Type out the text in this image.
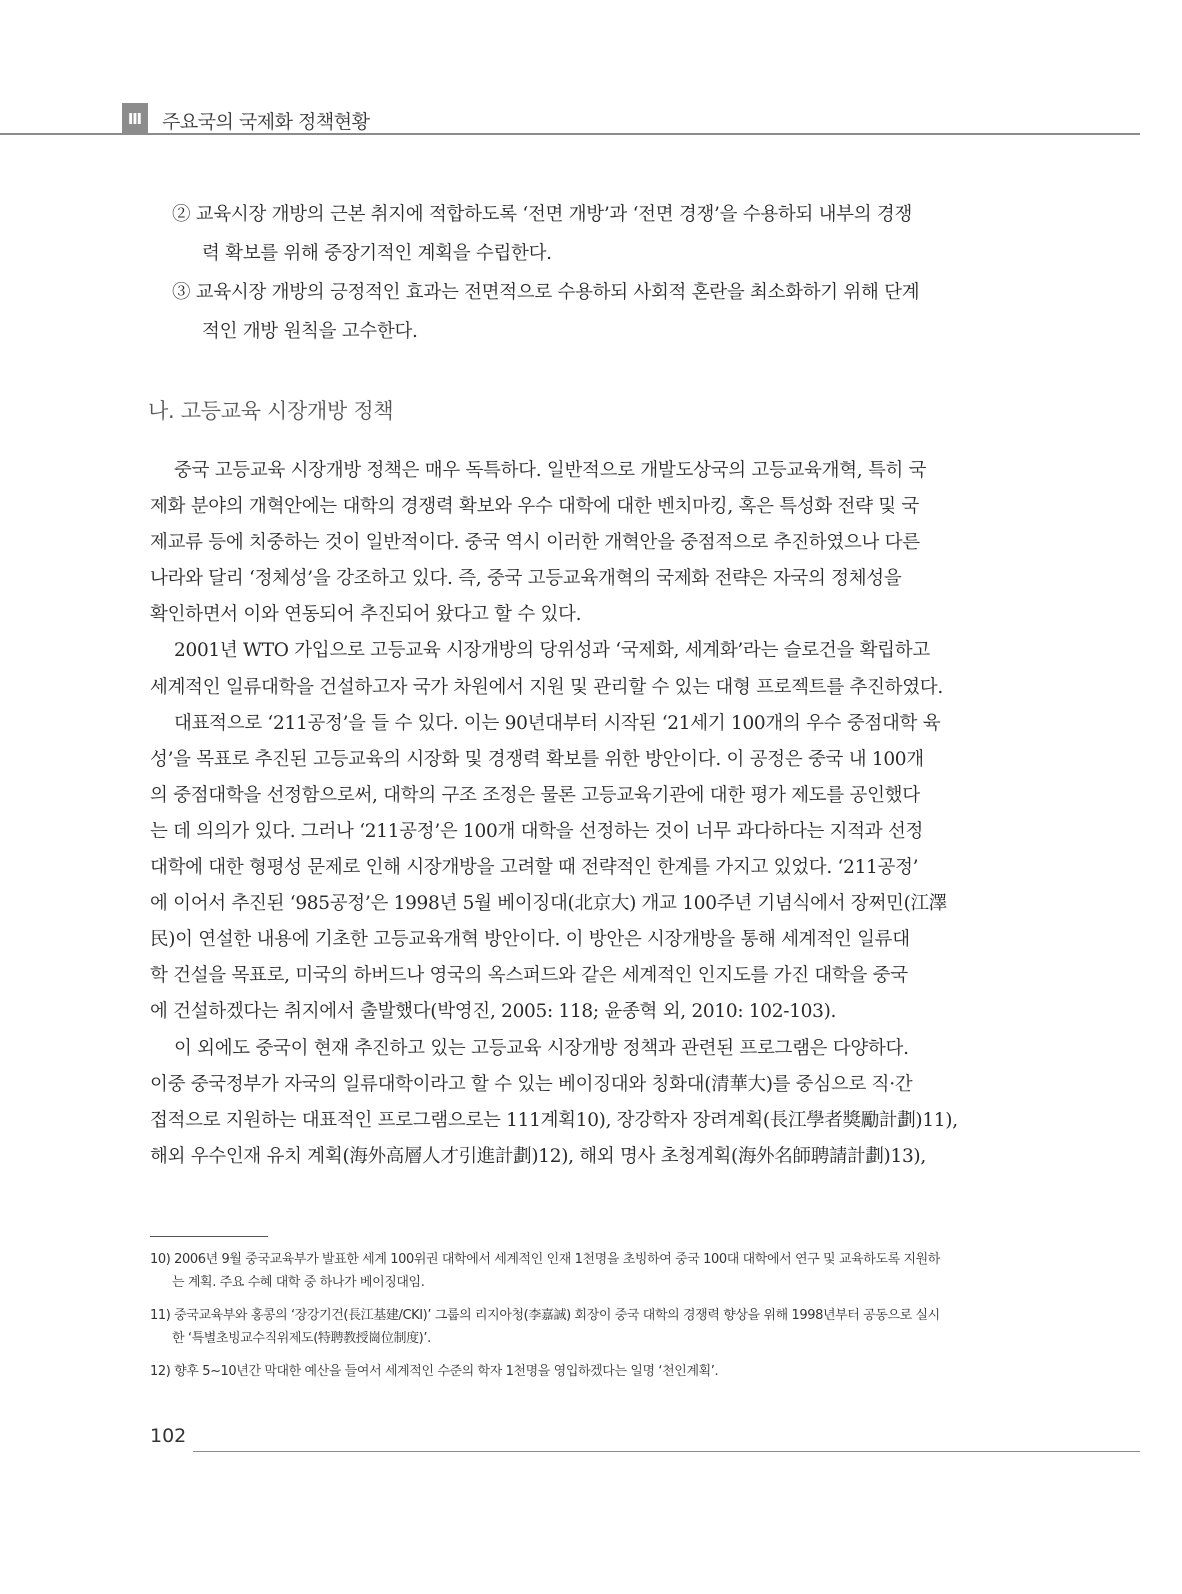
Ⅲ	주요국의 국제화 정책현황
② 교육시장 개방의 근본 취지에 적합하도록 ‘전면 개방’과 ‘전면 경쟁’을 수용하되 내부의 경쟁
력 확보를 위해 중장기적인 계획을 수립한다.
③ 교육시장 개방의 긍정적인 효과는 전면적으로 수용하되 사회적 혼란을 최소화하기 위해 단계
적인 개방 원칙을 고수한다.
나. 고등교육 시장개방 정책
중국 고등교육 시장개방 정책은 매우 독특하다. 일반적으로 개발도상국의 고등교육개혁, 특히 국
제화 분야의 개혁안에는 대학의 경쟁력 확보와 우수 대학에 대한 벤치마킹, 혹은 특성화 전략 및 국
제교류 등에 치중하는 것이 일반적이다. 중국 역시 이러한 개혁안을 중점적으로 추진하였으나 다른
나라와 달리 ‘정체성’을 강조하고 있다. 즉, 중국 고등교육개혁의 국제화 전략은 자국의 정체성을
확인하면서 이와 연동되어 추진되어 왔다고 할 수 있다.
2001년 WTO 가입으로 고등교육 시장개방의 당위성과 ‘국제화, 세계화’라는 슬로건을 확립하고
세계적인 일류대학을 건설하고자 국가 차원에서 지원 및 관리할 수 있는 대형 프로젝트를 추진하였다.
대표적으로 ‘211공정’을 들 수 있다. 이는 90년대부터 시작된 ‘21세기 100개의 우수 중점대학 육
성’을 목표로 추진된 고등교육의 시장화 및 경쟁력 확보를 위한 방안이다. 이 공정은 중국 내 100개
의 중점대학을 선정함으로써, 대학의 구조 조정은 물론 고등교육기관에 대한 평가 제도를 공인했다
는 데 의의가 있다. 그러나 ‘211공정’은 100개 대학을 선정하는 것이 너무 과다하다는 지적과 선정
대학에 대한 형평성 문제로 인해 시장개방을 고려할 때 전략적인 한계를 가지고 있었다. ‘211공정’
에 이어서 추진된 ‘985공정’은 1998년 5월 베이징대(北京大) 개교 100주년 기념식에서 장쩌민(江澤
民)이 연설한 내용에 기초한 고등교육개혁 방안이다. 이 방안은 시장개방을 통해 세계적인 일류대
학 건설을 목표로, 미국의 하버드나 영국의 옥스퍼드와 같은 세계적인 인지도를 가진 대학을 중국
에 건설하겠다는 취지에서 출발했다(박영진, 2005: 118; 윤종혁 외, 2010: 102-103).
이 외에도 중국이 현재 추진하고 있는 고등교육 시장개방 정책과 관련된 프로그램은 다양하다.
이중 중국정부가 자국의 일류대학이라고 할 수 있는 베이징대와 칭화대(清華大)를 중심으로 직·간
접적으로 지원하는 대표적인 프로그램으로는 111계획10), 장강학자 장려계획(長江學者獎勵計劃)11),
해외 우수인재 유치 계획(海外高層人才引進計劃)12), 해외 명사 초청계획(海外名師聘請計劃)13),
10) 2006년 9월 중국교육부가 발표한 세계 100위권 대학에서 세계적인 인재 1천명을 초빙하여 중국 100대 대학에서 연구 및 교육하도록 지원하
는 계획. 주요 수혜 대학 중 하나가 베이징대임.
11) 중국교육부와 홍콩의 ‘장강기건(長江基建/CKI)’ 그룹의 리지아청(李嘉誠) 회장이 중국 대학의 경쟁력 향상을 위해 1998년부터 공동으로 실시
한 ‘특별초빙교수직위제도(特聘教授崗位制度)’.
12) 향후 5~10년간 막대한 예산을 들여서 세계적인 수준의 학자 1천명을 영입하겠다는 일명 ‘천인계획’.
102
